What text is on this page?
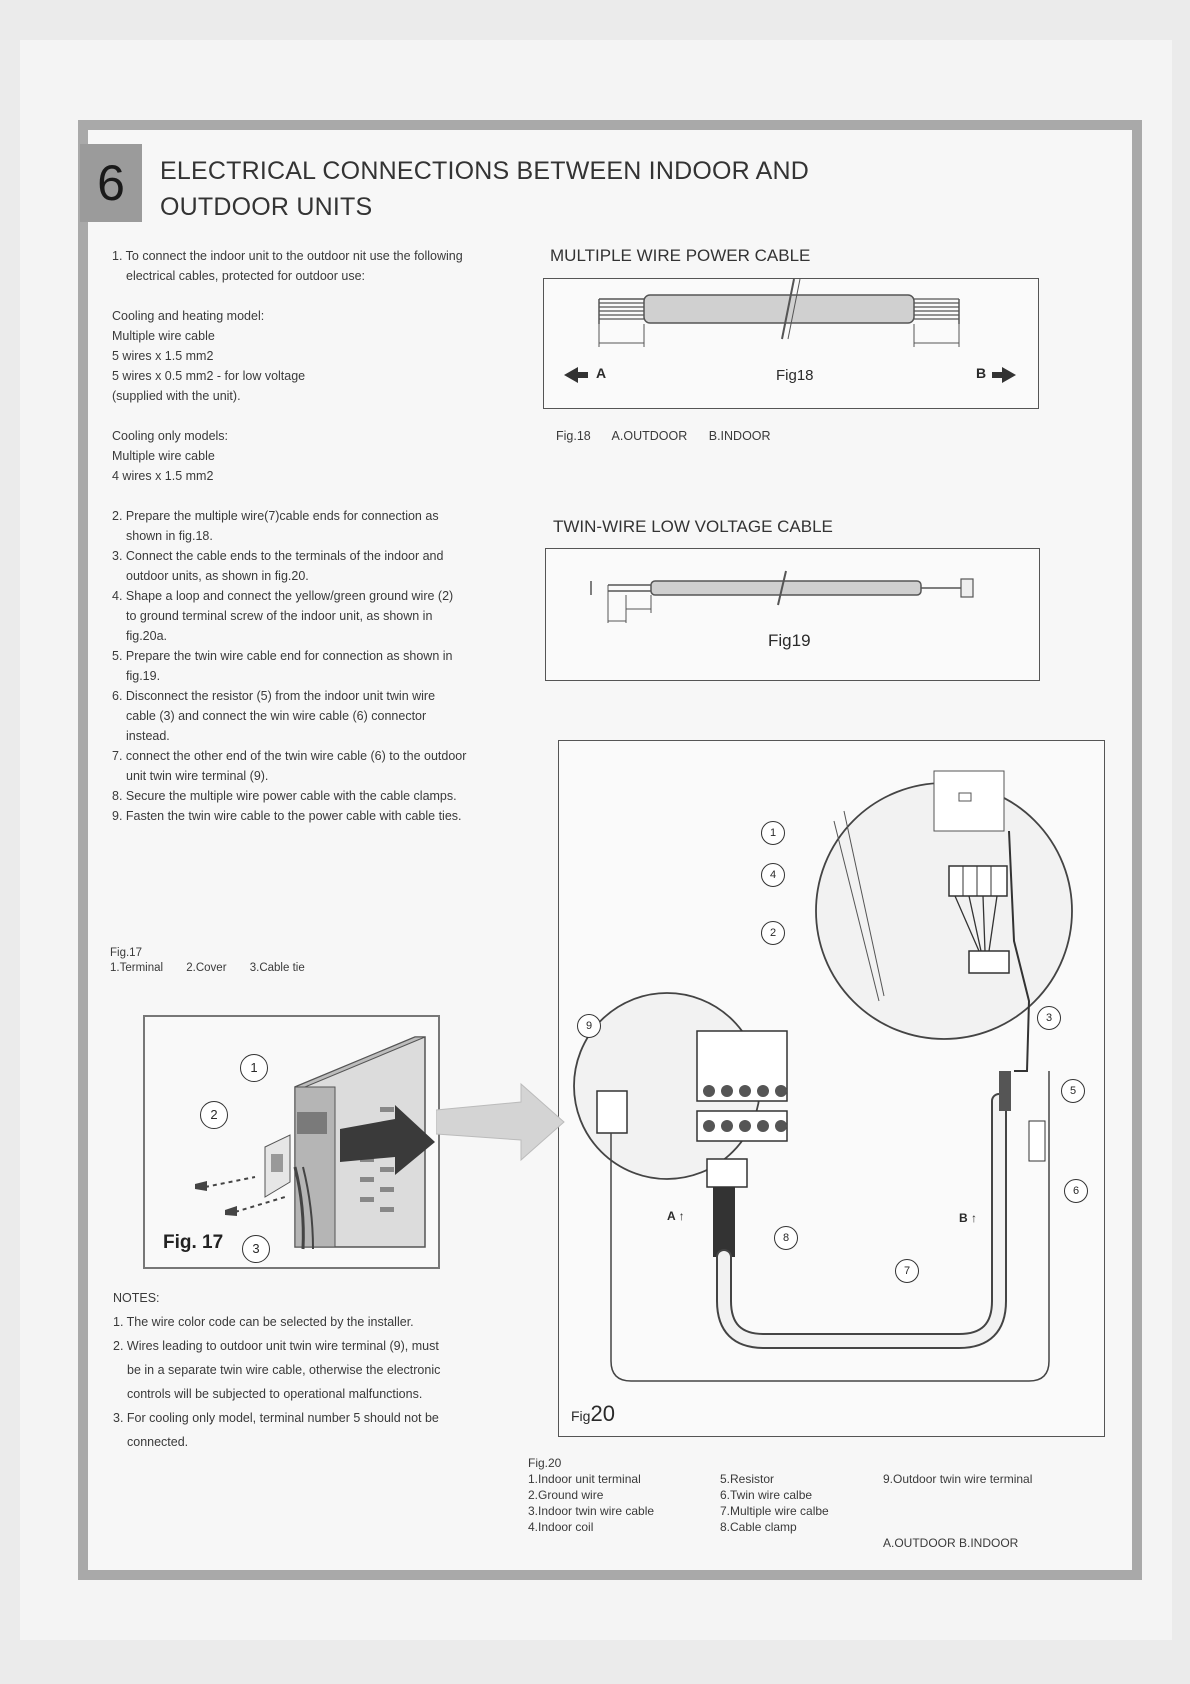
6	ELECTRICAL CONNECTIONS BETWEEN INDOOR AND
OUTDOOR UNITS

1. To connect the indoor unit to the outdoor nit use the following electrical cables, protected for outdoor use:

Cooling and heating model:

Multiple wire cable

5 wires x 1.5 mm2

5 wires x 0.5 mm2 - for low voltage

(supplied with the unit).

Cooling only models:

Multiple wire cable

4 wires x 1.5 mm2

2. Prepare the multiple wire(7)cable ends for connection as shown in fig.18.

3. Connect the cable ends to the terminals of the indoor and outdoor units, as shown in fig.20.

4. Shape a loop and connect the yellow/green ground wire (2) to ground terminal screw of the indoor unit, as shown in fig.20a.

5. Prepare the twin wire cable end for connection as shown in fig.19.

6. Disconnect the resistor (5) from the indoor unit twin wire cable (3) and connect the win wire cable (6) connector instead.

7. connect the other end of the twin wire cable (6) to the outdoor unit twin wire terminal (9).

8. Secure the multiple wire power cable with the cable clamps.

9. Fasten the twin wire cable to the power cable with cable ties.

Fig.17
1.Terminal 2.Cover 3.Cable tie
1
2
3
Fig. 17
NOTES:
1. The wire color code can be selected by the installer.
2. Wires leading to outdoor unit twin wire terminal (9), must be in a separate twin wire cable, otherwise the electronic controls will be subjected to operational malfunctions.
3. For cooling only model, terminal number 5 should not be connected.
MULTIPLE WIRE POWER CABLE
A	Fig18	B
Fig.18 A.OUTDOOR B.INDOOR
TWIN-WIRE LOW VOLTAGE CABLE
Fig19
1
4
2
3
9
5
6
8
7
A ↑	B ↑
Fig20
Fig.20
1.Indoor unit terminal
2.Ground wire
3.Indoor twin wire cable
4.Indoor coil
5.Resistor
6.Twin wire calbe
7.Multiple wire calbe
8.Cable clamp
9.Outdoor twin wire terminal
A.OUTDOOR B.INDOOR
